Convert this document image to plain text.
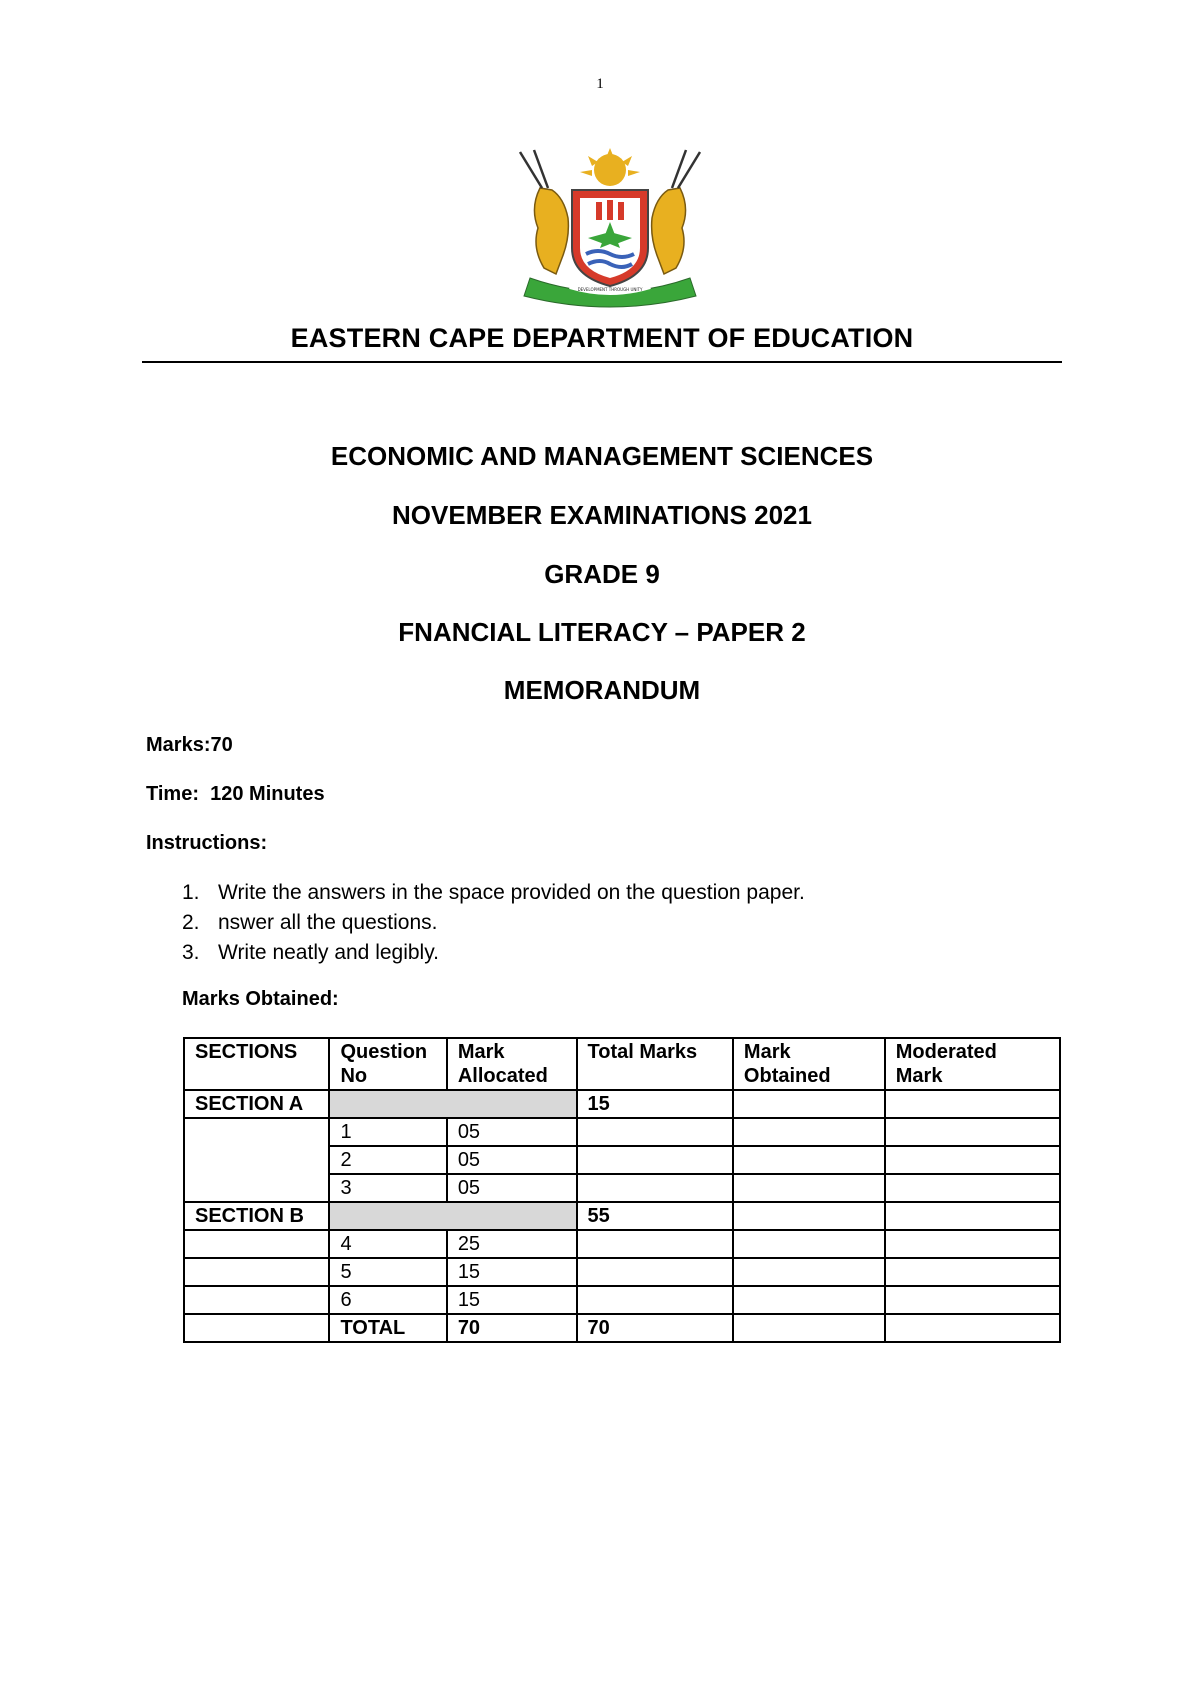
1
DEVELOPMENT THROUGH UNITY
EASTERN CAPE DEPARTMENT OF EDUCATION
ECONOMIC AND MANAGEMENT SCIENCES
NOVEMBER EXAMINATIONS 2021
GRADE 9
FNANCIAL LITERACY – PAPER 2
MEMORANDUM
Marks:70
Time: 120 Minutes
Instructions:
1. Write the answers in the space provided on the question paper.
2. nswer all the questions.
3. Write neatly and legibly.
Marks Obtained:
SECTIONS	Question No	Mark Allocated	Total Marks	Mark Obtained	Moderated Mark
SECTION A			15		
	1	05			
	2	05			
	3	05			
SECTION B			55		
	4	25			
	5	15			
	6	15			
	TOTAL	70	70		
